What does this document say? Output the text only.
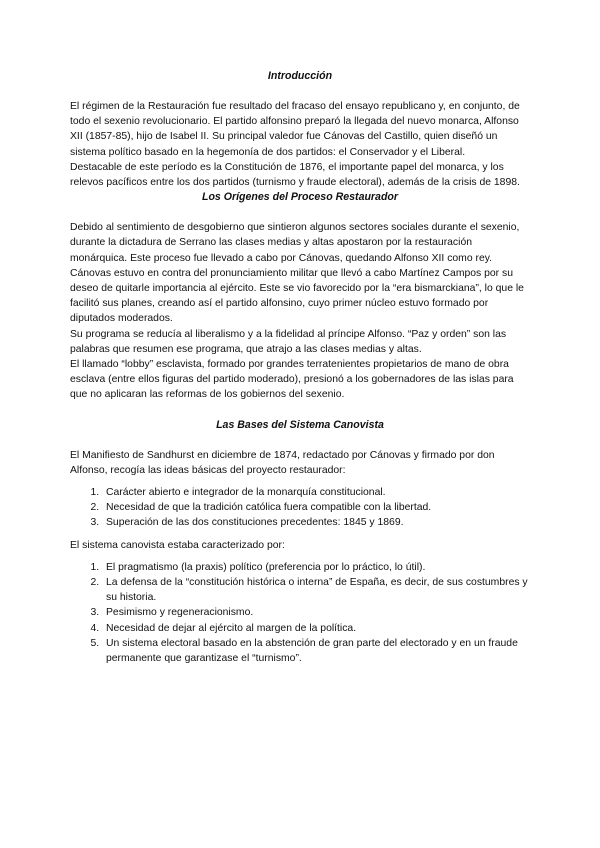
Introducción

El régimen de la Restauración fue resultado del fracaso del ensayo republicano y, en conjunto, de todo el sexenio revolucionario. El partido alfonsino preparó la llegada del nuevo monarca, Alfonso XII (1857-85), hijo de Isabel II. Su principal valedor fue Cánovas del Castillo, quien diseñó un sistema político basado en la hegemonía de dos partidos: el Conservador y el Liberal.

Destacable de este período es la Constitución de 1876, el importante papel del monarca, y los relevos pacíficos entre los dos partidos (turnismo y fraude electoral), además de la crisis de 1898.

Los Orígenes del Proceso Restaurador

Debido al sentimiento de desgobierno que sintieron algunos sectores sociales durante el sexenio, durante la dictadura de Serrano las clases medias y altas apostaron por la restauración monárquica. Este proceso fue llevado a cabo por Cánovas, quedando Alfonso XII como rey.

Cánovas estuvo en contra del pronunciamiento militar que llevó a cabo Martínez Campos por su deseo de quitarle importancia al ejército. Este se vio favorecido por la “era bismarckiana”, lo que le facilitó sus planes, creando así el partido alfonsino, cuyo primer núcleo estuvo formado por diputados moderados.

Su programa se reducía al liberalismo y a la fidelidad al príncipe Alfonso. “Paz y orden” son las palabras que resumen ese programa, que atrajo a las clases medias y altas.

El llamado “lobby” esclavista, formado por grandes terratenientes propietarios de mano de obra esclava (entre ellos figuras del partido moderado), presionó a los gobernadores de las islas para que no aplicaran las reformas de los gobiernos del sexenio.

Las Bases del Sistema Canovista

El Manifiesto de Sandhurst en diciembre de 1874, redactado por Cánovas y firmado por don Alfonso, recogía las ideas básicas del proyecto restaurador:

1. Carácter abierto e integrador de la monarquía constitucional.
2. Necesidad de que la tradición católica fuera compatible con la libertad.
3. Superación de las dos constituciones precedentes: 1845 y 1869.

El sistema canovista estaba caracterizado por:

1. El pragmatismo (la praxis) político (preferencia por lo práctico, lo útil).
2. La defensa de la “constitución histórica o interna” de España, es decir, de sus costumbres y su historia.
3. Pesimismo y regeneracionismo.
4. Necesidad de dejar al ejército al margen de la política.
5. Un sistema electoral basado en la abstención de gran parte del electorado y en un fraude permanente que garantizase el “turnismo”.
